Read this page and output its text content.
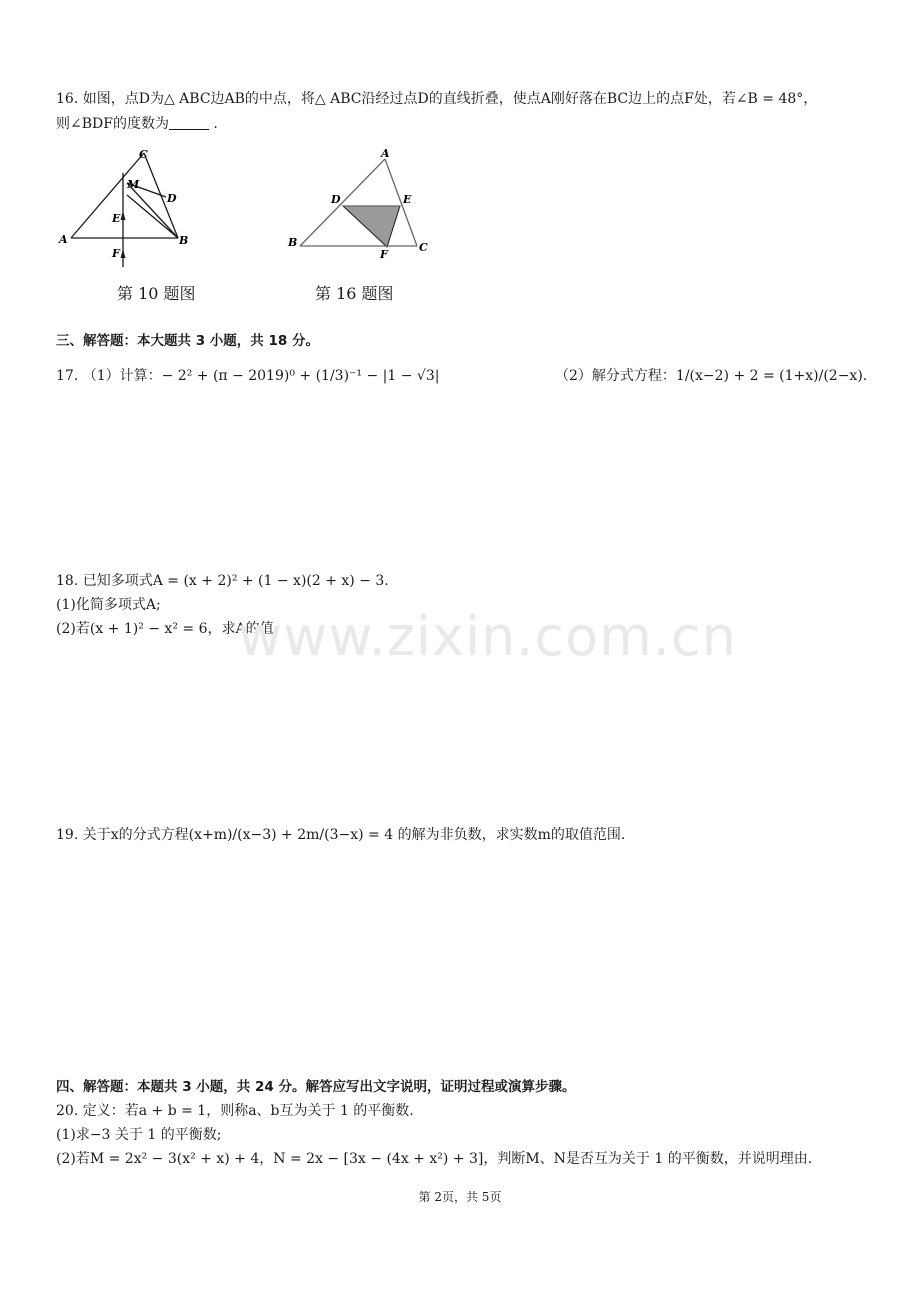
16. 如图，点D为△ ABC边AB的中点，将△ ABC沿经过点D的直线折叠，使点A刚好落在BC边上的点F处，若∠B = 48°，
则∠BDF的度数为	.
C
M
D
E
A	B
F
第 10 题图
A
D	E
B
F
C
第 16 题图
三、解答题：本大题共 3 小题，共 18 分。
17. （1）计算：− 2² + (π − 2019)⁰ + (1/3)⁻¹ − |1 − √3|	（2）解分式方程：1/(x−2) + 2 = (1+x)/(2−x).
18. 已知多项式A = (x + 2)² + (1 − x)(2 + x) − 3.
(1)化简多项式A;
(2)若(x + 1)² − x² = 6，求A的值.
www.zixin.com.cn
19. 关于x的分式方程(x+m)/(x−3) + 2m/(3−x) = 4 的解为非负数，求实数m的取值范围.
四、解答题：本题共 3 小题，共 24 分。解答应写出文字说明，证明过程或演算步骤。
20. 定义：若a + b = 1，则称a、b互为关于 1 的平衡数.
(1)求−3 关于 1 的平衡数;
(2)若M = 2x² − 3(x² + x) + 4，N = 2x − [3x − (4x + x²) + 3]，判断M、N是否互为关于 1 的平衡数，并说明理由.
第 2页，共 5页
